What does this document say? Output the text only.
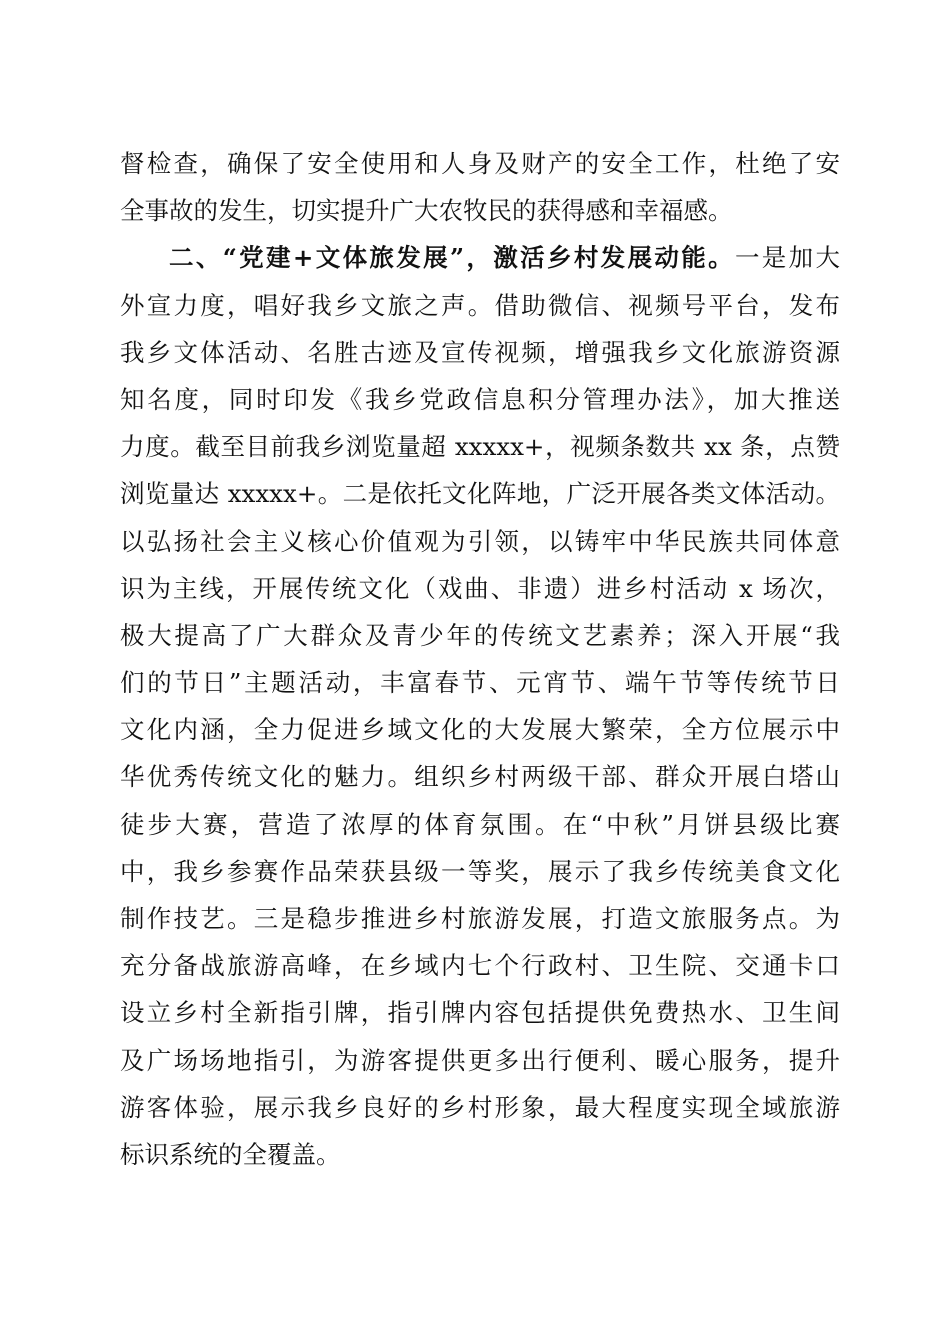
督检查，确保了安全使用和人身及财产的安全工作，杜绝了安
全事故的发生，切实提升广大农牧民的获得感和幸福感。
二、“党建+文体旅发展”，激活乡村发展动能。一是加大
外宣力度，唱好我乡文旅之声。借助微信、视频号平台，发布
我乡文体活动、名胜古迹及宣传视频，增强我乡文化旅游资源
知名度，同时印发《我乡党政信息积分管理办法》，加大推送
力度。截至目前我乡浏览量超 xxxxx+，视频条数共 xx 条，点赞
浏览量达 xxxxx+。二是依托文化阵地，广泛开展各类文体活动。
以弘扬社会主义核心价值观为引领，以铸牢中华民族共同体意
识为主线，开展传统文化（戏曲、非遗）进乡村活动 x 场次，
极大提高了广大群众及青少年的传统文艺素养；深入开展“我
们的节日”主题活动，丰富春节、元宵节、端午节等传统节日
文化内涵，全力促进乡域文化的大发展大繁荣，全方位展示中
华优秀传统文化的魅力。组织乡村两级干部、群众开展白塔山
徒步大赛，营造了浓厚的体育氛围。在“中秋”月饼县级比赛
中，我乡参赛作品荣获县级一等奖，展示了我乡传统美食文化
制作技艺。三是稳步推进乡村旅游发展，打造文旅服务点。为
充分备战旅游高峰，在乡域内七个行政村、卫生院、交通卡口
设立乡村全新指引牌，指引牌内容包括提供免费热水、卫生间
及广场场地指引，为游客提供更多出行便利、暖心服务，提升
游客体验，展示我乡良好的乡村形象，最大程度实现全域旅游
标识系统的全覆盖。
